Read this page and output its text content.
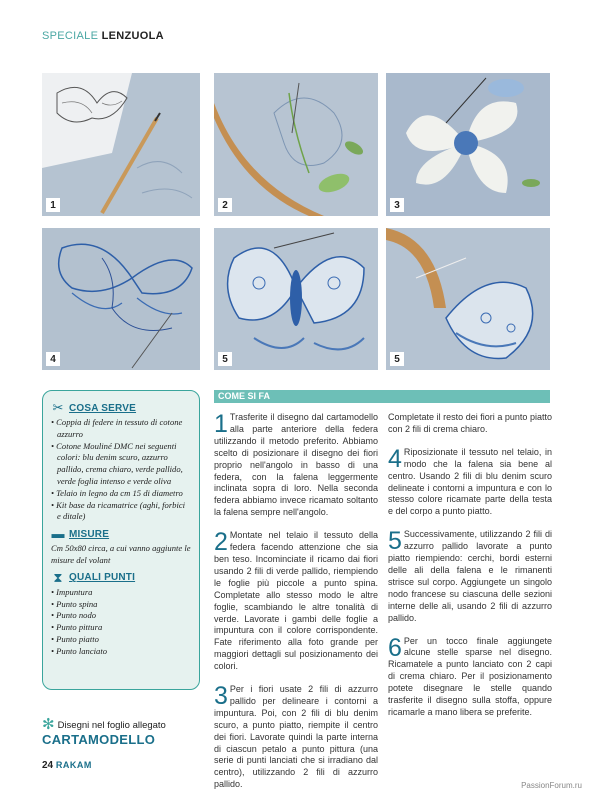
SPECIALE LENZUOLA
1	2	3
4	5	5
✂ COSA SERVE
• Coppia di federe in tessuto di cotone azzurro
• Cotone Mouliné DMC nei seguenti colori: blu denim scuro, azzurro pallido, crema chiaro, verde pallido, verde foglia intenso e verde oliva
• Telaio in legno da cm 15 di diametro
• Kit base da ricamatrice (aghi, forbici e ditale)
▬ MISURE
Cm 50x80 circa, a cui vanno aggiunte le misure del volant
⧗ QUALI PUNTI
• Impuntura
• Punto spina
• Punto nodo
• Punto pittura
• Punto piatto
• Punto lanciato
✻ Disegni nel foglio allegato
CARTAMODELLO
COME SI FA

1 Trasferite il disegno dal cartamodello alla parte anteriore della federa utilizzando il metodo preferito. Abbiamo scelto di posizionare il disegno dei fiori proprio nell'angolo in basso di una federa, con la falena leggermente inclinata sopra di loro. Nella seconda federa abbiamo invece ricamato soltanto la falena sempre nell'angolo.

2 Montate nel telaio il tessuto della federa facendo attenzione che sia ben teso. Incominciate il ricamo dai fiori usando 2 fili di verde pallido, riempiendo le foglie più piccole a punto spina. Completate allo stesso modo le altre foglie, scambiando le altre tonalità di verde. Lavorate i gambi delle foglie a impuntura con il colore corrispondente. Fate riferimento alla foto grande per maggiori dettagli sul posizionamento dei colori.

3 Per i fiori usate 2 fili di azzurro pallido per delineare i contorni a impuntura. Poi, con 2 fili di blu denim scuro, a punto piatto, riempite il centro dei fiori. Lavorate quindi la parte interna di ciascun petalo a punto pittura (una serie di punti lanciati che si irradiano dal centro), utilizzando 2 fili di azzurro pallido.

Completate il resto dei fiori a punto piatto con 2 fili di crema chiaro.

4 Riposizionate il tessuto nel telaio, in modo che la falena sia bene al centro. Usando 2 fili di blu denim scuro delineate i contorni a impuntura e con lo stesso colore ricamate parte della testa e del corpo a punto piatto.

5 Successivamente, utilizzando 2 fili di azzurro pallido lavorate a punto piatto riempiendo: cerchi, bordi esterni delle ali della falena e le rimanenti strisce sul corpo. Aggiungete un singolo nodo francese su ciascuna delle sezioni interne delle ali, usando 2 fili di azzurro pallido.

6 Per un tocco finale aggiungete alcune stelle sparse nel disegno. Ricamatele a punto lanciato con 2 capi di crema chiaro. Per il posizionamento potete disegnare le stelle quando trasferite il disegno sulla stoffa, oppure ricamarle a mano libera se preferite.

24 RAKAM
PassionForum.ru
